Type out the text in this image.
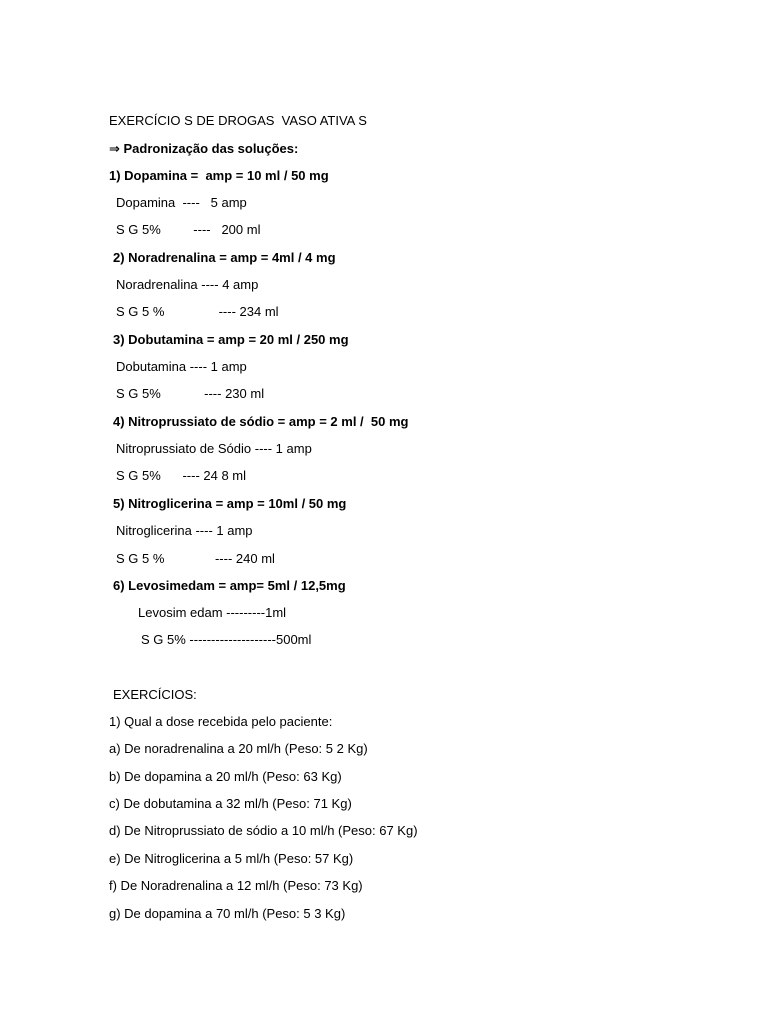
EXERCÍCIO S DE DROGAS  VASO ATIVA S
⇒ Padronização das soluções:
1) Dopamina =  amp = 10 ml / 50 mg
Dopamina  ----   5 amp
S G 5%         ----   200 ml
2) Noradrenalina = amp = 4ml / 4 mg
Noradrenalina ---- 4 amp
S G 5 %               ---- 234 ml
3) Dobutamina = amp = 20 ml / 250 mg
Dobutamina ---- 1 amp
S G 5%            ---- 230 ml
4) Nitroprussiato de sódio = amp = 2 ml /  50 mg
Nitroprussiato de Sódio ---- 1 amp
S G 5%      ---- 24 8 ml
5) Nitroglicerina = amp = 10ml / 50 mg
Nitroglicerina ---- 1 amp
S G 5 %              ---- 240 ml
6) Levosimedam = amp= 5ml / 12,5mg
Levosim edam ---------1ml
S G 5% --------------------500ml
EXERCÍCIOS:
1) Qual a dose recebida pelo paciente:
a) De noradrenalina a 20 ml/h (Peso: 5 2 Kg)
b) De dopamina a 20 ml/h (Peso: 63 Kg)
c) De dobutamina a 32 ml/h (Peso: 71 Kg)
d) De Nitroprussiato de sódio a 10 ml/h (Peso: 67 Kg)
e) De Nitroglicerina a 5 ml/h (Peso: 57 Kg)
f) De Noradrenalina a 12 ml/h (Peso: 73 Kg)
g) De dopamina a 70 ml/h (Peso: 5 3 Kg)
